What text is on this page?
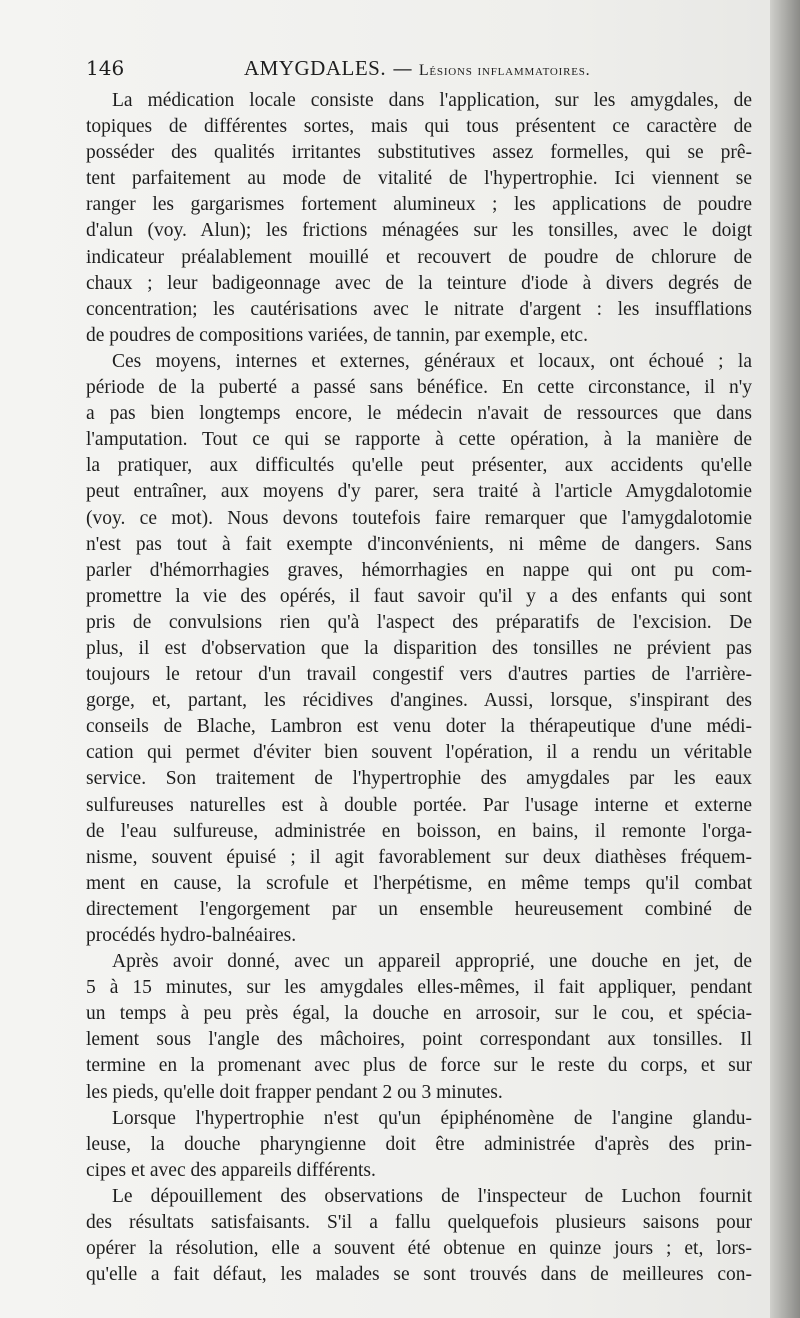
146	AMYGDALES. — Lésions inflammatoires.
La médication locale consiste dans l'application, sur les amygdales, de
topiques de différentes sortes, mais qui tous présentent ce caractère de
posséder des qualités irritantes substitutives assez formelles, qui se prê-
tent parfaitement au mode de vitalité de l'hypertrophie. Ici viennent se
ranger les gargarismes fortement alumineux ; les applications de poudre
d'alun (voy. Alun); les frictions ménagées sur les tonsilles, avec le doigt
indicateur préalablement mouillé et recouvert de poudre de chlorure de
chaux ; leur badigeonnage avec de la teinture d'iode à divers degrés de
concentration; les cautérisations avec le nitrate d'argent : les insufflations
de poudres de compositions variées, de tannin, par exemple, etc.
Ces moyens, internes et externes, généraux et locaux, ont échoué ; la
période de la puberté a passé sans bénéfice. En cette circonstance, il n'y
a pas bien longtemps encore, le médecin n'avait de ressources que dans
l'amputation. Tout ce qui se rapporte à cette opération, à la manière de
la pratiquer, aux difficultés qu'elle peut présenter, aux accidents qu'elle
peut entraîner, aux moyens d'y parer, sera traité à l'article Amygdalotomie
(voy. ce mot). Nous devons toutefois faire remarquer que l'amygdalotomie
n'est pas tout à fait exempte d'inconvénients, ni même de dangers. Sans
parler d'hémorrhagies graves, hémorrhagies en nappe qui ont pu com-
promettre la vie des opérés, il faut savoir qu'il y a des enfants qui sont
pris de convulsions rien qu'à l'aspect des préparatifs de l'excision. De
plus, il est d'observation que la disparition des tonsilles ne prévient pas
toujours le retour d'un travail congestif vers d'autres parties de l'arrière-
gorge, et, partant, les récidives d'angines. Aussi, lorsque, s'inspirant des
conseils de Blache, Lambron est venu doter la thérapeutique d'une médi-
cation qui permet d'éviter bien souvent l'opération, il a rendu un véritable
service. Son traitement de l'hypertrophie des amygdales par les eaux
sulfureuses naturelles est à double portée. Par l'usage interne et externe
de l'eau sulfureuse, administrée en boisson, en bains, il remonte l'orga-
nisme, souvent épuisé ; il agit favorablement sur deux diathèses fréquem-
ment en cause, la scrofule et l'herpétisme, en même temps qu'il combat
directement l'engorgement par un ensemble heureusement combiné de
procédés hydro-balnéaires.
Après avoir donné, avec un appareil approprié, une douche en jet, de
5 à 15 minutes, sur les amygdales elles-mêmes, il fait appliquer, pendant
un temps à peu près égal, la douche en arrosoir, sur le cou, et spécia-
lement sous l'angle des mâchoires, point correspondant aux tonsilles. Il
termine en la promenant avec plus de force sur le reste du corps, et sur
les pieds, qu'elle doit frapper pendant 2 ou 3 minutes.
Lorsque l'hypertrophie n'est qu'un épiphénomène de l'angine glandu-
leuse, la douche pharyngienne doit être administrée d'après des prin-
cipes et avec des appareils différents.
Le dépouillement des observations de l'inspecteur de Luchon fournit
des résultats satisfaisants. S'il a fallu quelquefois plusieurs saisons pour
opérer la résolution, elle a souvent été obtenue en quinze jours ; et, lors-
qu'elle a fait défaut, les malades se sont trouvés dans de meilleures con-
